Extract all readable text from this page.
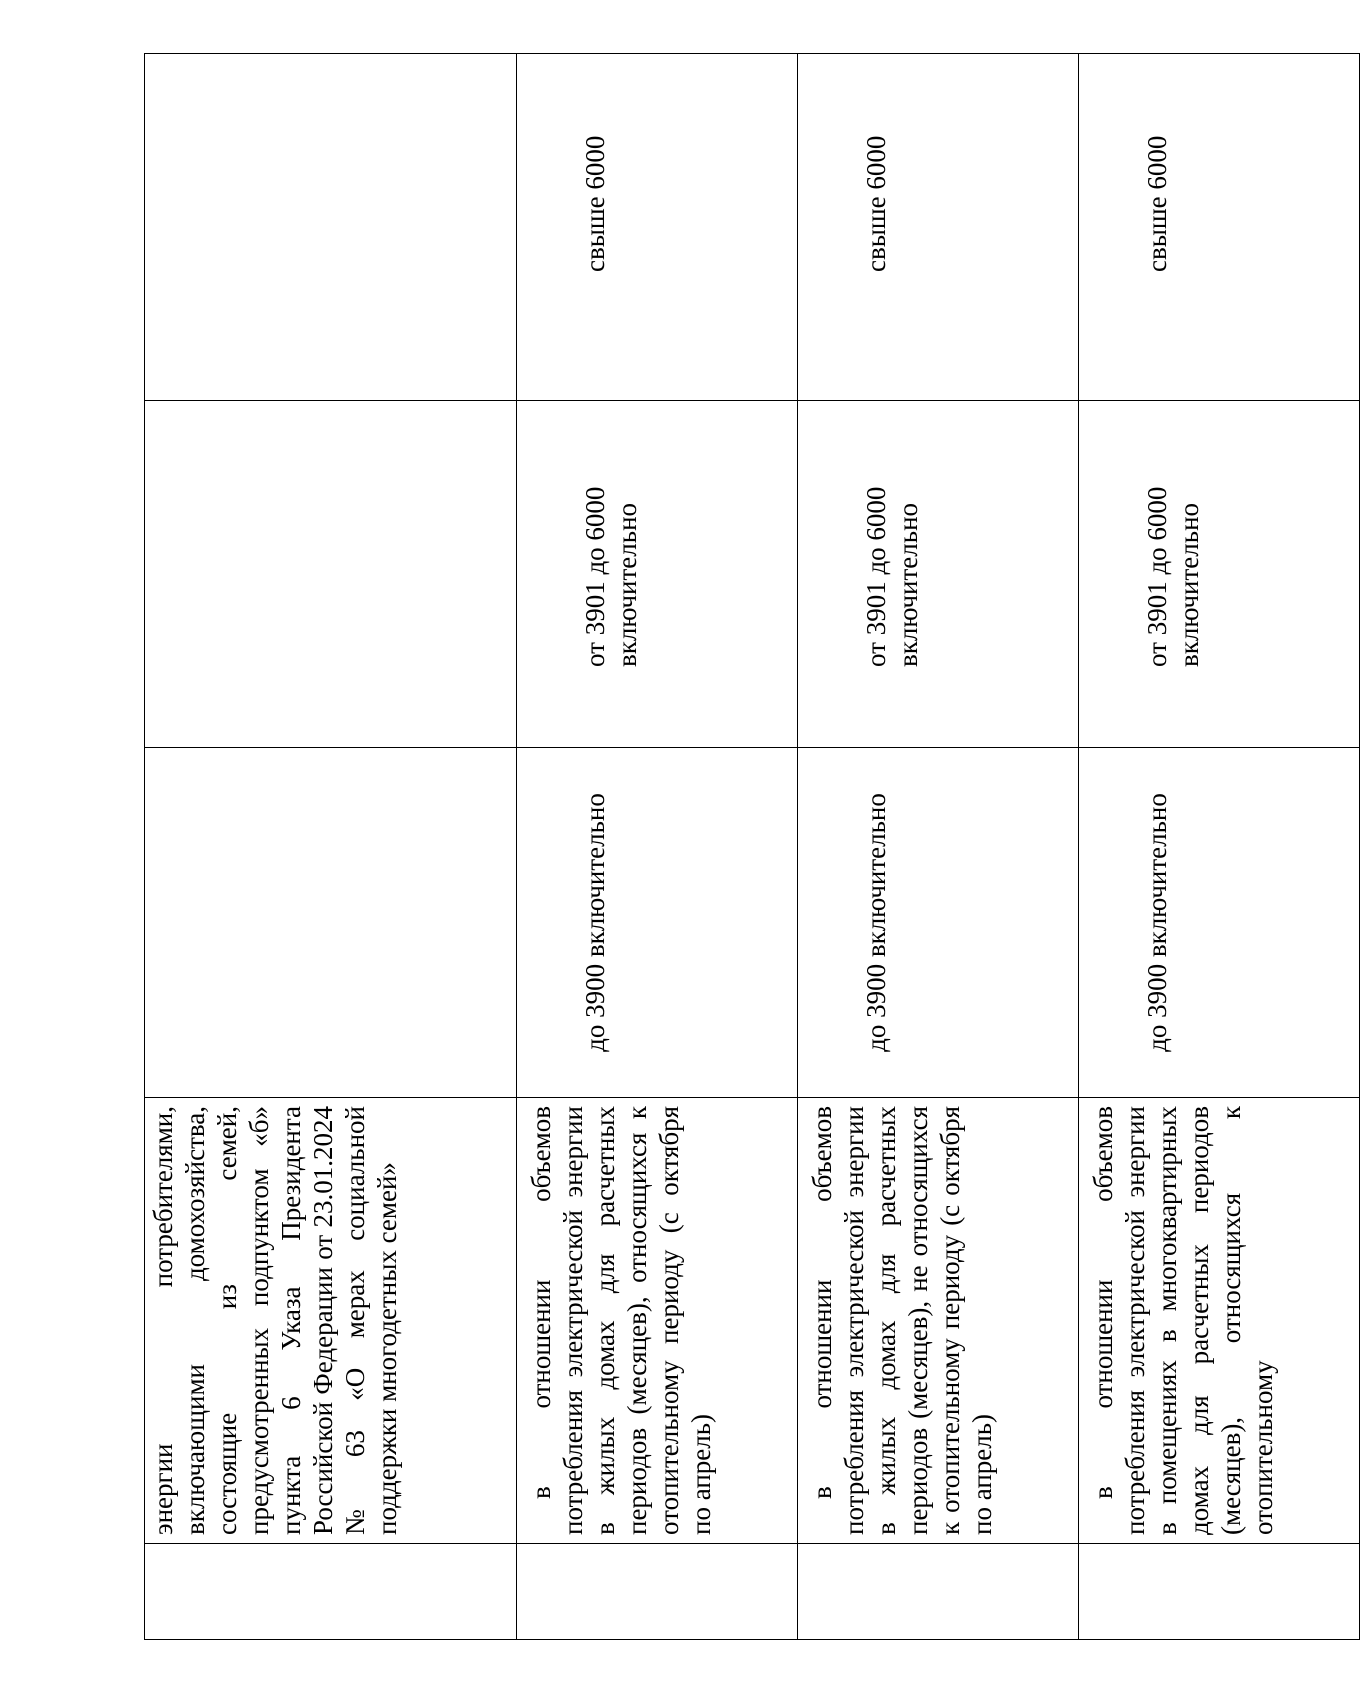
	энергии потребителями, включающими домохозяйства, состоящие из семей, предусмотренных подпунктом «б» пункта 6 Указа Президента Российской Федерации от 23.01.2024 № 63 «О мерах социальной поддержки многодетных семей»			
	в отношении объемов потребления электрической энергии в жилых домах для расчетных периодов (месяцев), относящихся к отопительному периоду (с октября по апрель)	до 3900 включительно	от 3901 до 6000 включительно	свыше 6000
	в отношении объемов потребления электрической энергии в жилых домах для расчетных периодов (месяцев), не относящихся к отопительному периоду (с октября по апрель)	до 3900 включительно	от 3901 до 6000 включительно	свыше 6000
	в отношении объемов потребления электрической энергии в помещениях в многоквартирных домах для расчетных периодов (месяцев), относящихся к отопительному	до 3900 включительно	от 3901 до 6000 включительно	свыше 6000
